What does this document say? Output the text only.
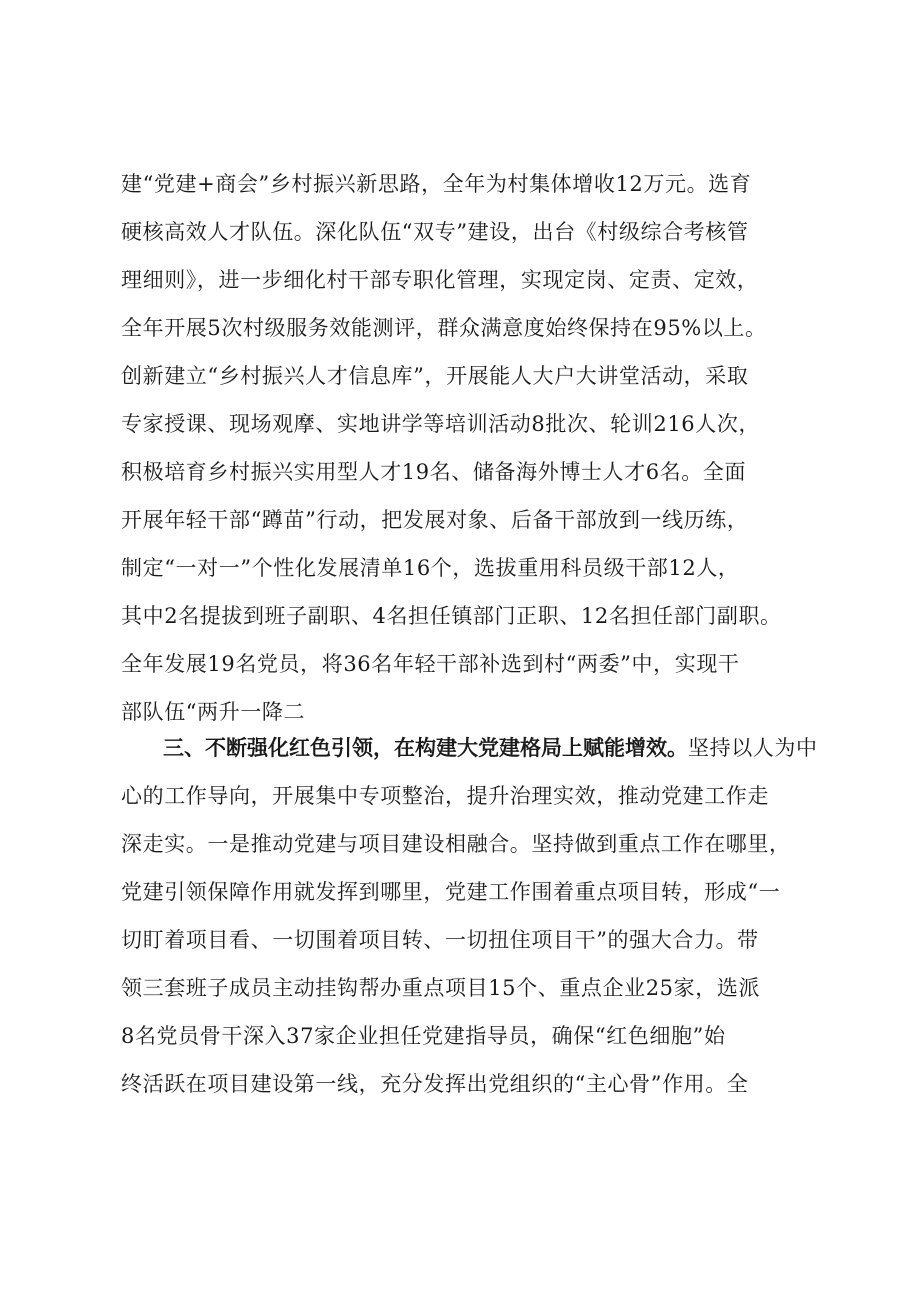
建“党建+商会”乡村振兴新思路，全年为村集体增收12万元。选育
硬核高效人才队伍。深化队伍“双专”建设，出台《村级综合考核管
理细则》，进一步细化村干部专职化管理，实现定岗、定责、定效，
全年开展5次村级服务效能测评，群众满意度始终保持在95%以上。
创新建立“乡村振兴人才信息库”，开展能人大户大讲堂活动，采取
专家授课、现场观摩、实地讲学等培训活动8批次、轮训216人次，
积极培育乡村振兴实用型人才19名、储备海外博士人才6名。全面
开展年轻干部“蹲苗”行动，把发展对象、后备干部放到一线历练，
制定“一对一”个性化发展清单16个，选拔重用科员级干部12人，
其中2名提拔到班子副职、4名担任镇部门正职、12名担任部门副职。
全年发展19名党员，将36名年轻干部补选到村“两委”中，实现干
部队伍“两升一降二
三、不断强化红色引领，在构建大党建格局上赋能增效。坚持以人为中
心的工作导向，开展集中专项整治，提升治理实效，推动党建工作走
深走实。一是推动党建与项目建设相融合。坚持做到重点工作在哪里，
党建引领保障作用就发挥到哪里，党建工作围着重点项目转，形成“一
切盯着项目看、一切围着项目转、一切扭住项目干”的强大合力。带
领三套班子成员主动挂钩帮办重点项目15个、重点企业25家，选派
8名党员骨干深入37家企业担任党建指导员，确保“红色细胞”始
终活跃在项目建设第一线，充分发挥出党组织的“主心骨”作用。全
